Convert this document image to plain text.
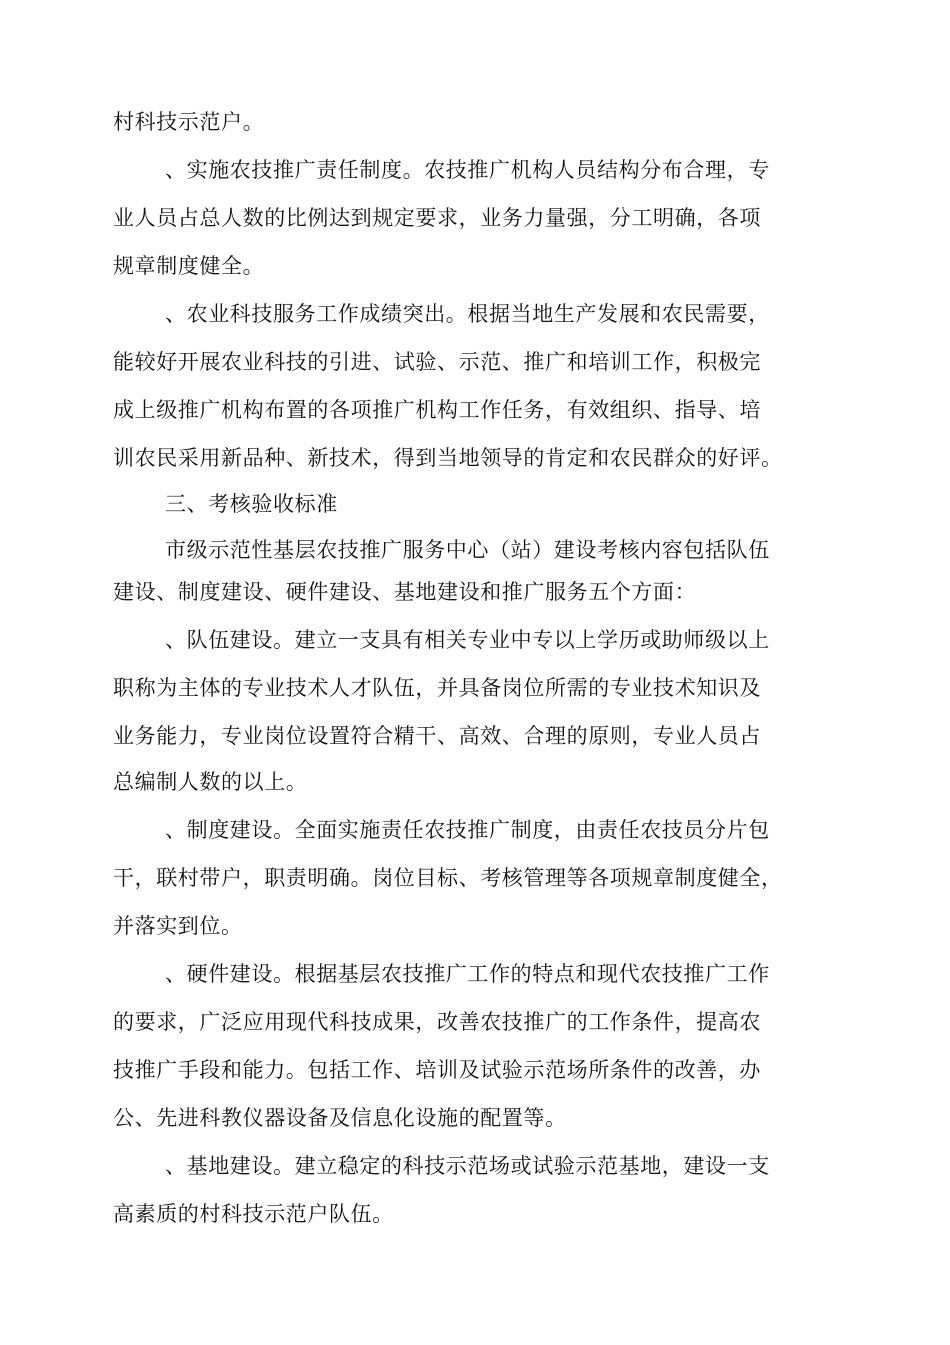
村科技示范户。
、实施农技推广责任制度。农技推广机构人员结构分布合理，专
业人员占总人数的比例达到规定要求，业务力量强，分工明确，各项
规章制度健全。
、农业科技服务工作成绩突出。根据当地生产发展和农民需要，
能较好开展农业科技的引进、试验、示范、推广和培训工作，积极完
成上级推广机构布置的各项推广机构工作任务，有效组织、指导、培
训农民采用新品种、新技术，得到当地领导的肯定和农民群众的好评。
三、考核验收标准
市级示范性基层农技推广服务中心（站）建设考核内容包括队伍
建设、制度建设、硬件建设、基地建设和推广服务五个方面：
、队伍建设。建立一支具有相关专业中专以上学历或助师级以上
职称为主体的专业技术人才队伍，并具备岗位所需的专业技术知识及
业务能力，专业岗位设置符合精干、高效、合理的原则，专业人员占
总编制人数的以上。
、制度建设。全面实施责任农技推广制度，由责任农技员分片包
干，联村带户，职责明确。岗位目标、考核管理等各项规章制度健全，
并落实到位。
、硬件建设。根据基层农技推广工作的特点和现代农技推广工作
的要求，广泛应用现代科技成果，改善农技推广的工作条件，提高农
技推广手段和能力。包括工作、培训及试验示范场所条件的改善，办
公、先进科教仪器设备及信息化设施的配置等。
、基地建设。建立稳定的科技示范场或试验示范基地，建设一支
高素质的村科技示范户队伍。
